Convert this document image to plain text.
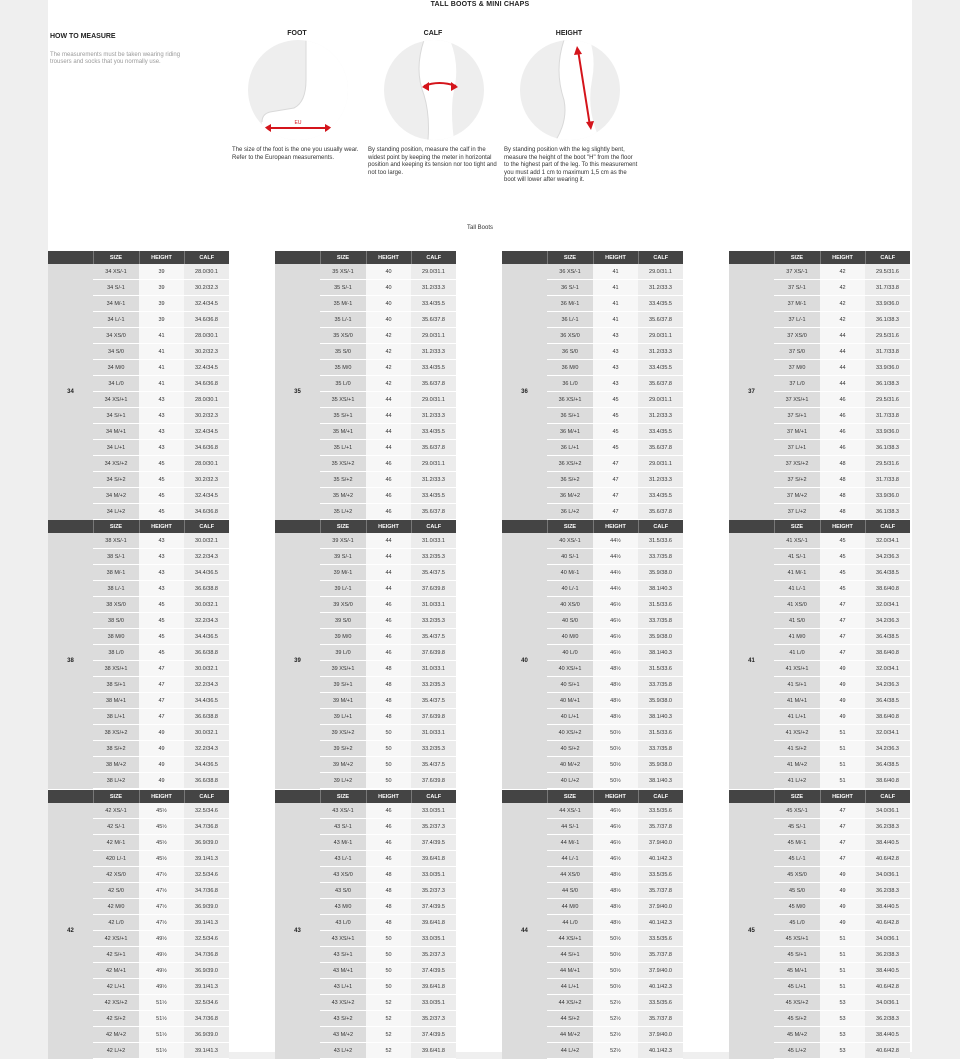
TALL BOOTS & MINI CHAPS
HOW TO MEASURE
The measurements must be taken wearing riding trousers and socks that you normally use.
FOOT
EU
The size of the foot is the one you usually wear. Refer to the European measurements.
CALF
By standing position, measure the calf in the widest point by keeping the meter in horizontal position and keeping its tension nor too tight and not too large.
HEIGHT
By standing position with the leg slightly bent, measure the height of the boot "H" from the floor to the highest part of the leg. To this measurement you must add 1 cm to maximum 1,5 cm as the boot will lower after wearing it.
Tall Boots
	SIZE	HEIGHT	CALF
34	34 XS/-1	39	28.0/30.1
	34 S/-1	39	30.2/32.3
	34 M/-1	39	32.4/34.5
	34 L/-1	39	34.6/36.8
	34 XS/0	41	28.0/30.1
	34 S/0	41	30.2/32.3
	34 M/0	41	32.4/34.5
	34 L/0	41	34.6/36.8
	34 XS/+1	43	28.0/30.1
	34 S/+1	43	30.2/32.3
	34 M/+1	43	32.4/34.5
	34 L/+1	43	34.6/36.8
	34 XS/+2	45	28.0/30.1
	34 S/+2	45	30.2/32.3
	34 M/+2	45	32.4/34.5
	34 L/+2	45	34.6/36.8
	SIZE	HEIGHT	CALF
35	35 XS/-1	40	29.0/31.1
	35 S/-1	40	31.2/33.3
	35 M/-1	40	33.4/35.5
	35 L/-1	40	35.6/37.8
	35 XS/0	42	29.0/31.1
	35 S/0	42	31.2/33.3
	35 M/0	42	33.4/35.5
	35 L/0	42	35.6/37.8
	35 XS/+1	44	29.0/31.1
	35 S/+1	44	31.2/33.3
	35 M/+1	44	33.4/35.5
	35 L/+1	44	35.6/37.8
	35 XS/+2	46	29.0/31.1
	35 S/+2	46	31.2/33.3
	35 M/+2	46	33.4/35.5
	35 L/+2	46	35.6/37.8
	SIZE	HEIGHT	CALF
36	36 XS/-1	41	29.0/31.1
	36 S/-1	41	31.2/33.3
	36 M/-1	41	33.4/35.5
	36 L/-1	41	35.6/37.8
	36 XS/0	43	29.0/31.1
	36 S/0	43	31.2/33.3
	36 M/0	43	33.4/35.5
	36 L/0	43	35.6/37.8
	36 XS/+1	45	29.0/31.1
	36 S/+1	45	31.2/33.3
	36 M/+1	45	33.4/35.5
	36 L/+1	45	35.6/37.8
	36 XS/+2	47	29.0/31.1
	36 S/+2	47	31.2/33.3
	36 M/+2	47	33.4/35.5
	36 L/+2	47	35.6/37.8
	SIZE	HEIGHT	CALF
37	37 XS/-1	42	29.5/31.6
	37 S/-1	42	31.7/33.8
	37 M/-1	42	33.9/36.0
	37 L/-1	42	36.1/38.3
	37 XS/0	44	29.5/31.6
	37 S/0	44	31.7/33.8
	37 M/0	44	33.9/36.0
	37 L/0	44	36.1/38.3
	37 XS/+1	46	29.5/31.6
	37 S/+1	46	31.7/33.8
	37 M/+1	46	33.9/36.0
	37 L/+1	46	36.1/38.3
	37 XS/+2	48	29.5/31.6
	37 S/+2	48	31.7/33.8
	37 M/+2	48	33.9/36.0
	37 L/+2	48	36.1/38.3
	SIZE	HEIGHT	CALF
38	38 XS/-1	43	30.0/32.1
	38 S/-1	43	32.2/34.3
	38 M/-1	43	34.4/36.5
	38 L/-1	43	36.6/38.8
	38 XS/0	45	30.0/32.1
	38 S/0	45	32.2/34.3
	38 M/0	45	34.4/36.5
	38 L/0	45	36.6/38.8
	38 XS/+1	47	30.0/32.1
	38 S/+1	47	32.2/34.3
	38 M/+1	47	34.4/36.5
	38 L/+1	47	36.6/38.8
	38 XS/+2	49	30.0/32.1
	38 S/+2	49	32.2/34.3
	38 M/+2	49	34.4/36.5
	38 L/+2	49	36.6/38.8
	SIZE	HEIGHT	CALF
39	39 XS/-1	44	31.0/33.1
	39 S/-1	44	33.2/35.3
	39 M/-1	44	35.4/37.5
	39 L/-1	44	37.6/39.8
	39 XS/0	46	31.0/33.1
	39 S/0	46	33.2/35.3
	39 M/0	46	35.4/37.5
	39 L/0	46	37.6/39.8
	39 XS/+1	48	31.0/33.1
	39 S/+1	48	33.2/35.3
	39 M/+1	48	35.4/37.5
	39 L/+1	48	37.6/39.8
	39 XS/+2	50	31.0/33.1
	39 S/+2	50	33.2/35.3
	39 M/+2	50	35.4/37.5
	39 L/+2	50	37.6/39.8
	SIZE	HEIGHT	CALF
40	40 XS/-1	44½	31.5/33.6
	40 S/-1	44½	33.7/35.8
	40 M/-1	44½	35.9/38.0
	40 L/-1	44½	38.1/40.3
	40 XS/0	46½	31.5/33.6
	40 S/0	46½	33.7/35.8
	40 M/0	46½	35.9/38.0
	40 L/0	46½	38.1/40.3
	40 XS/+1	48½	31.5/33.6
	40 S/+1	48½	33.7/35.8
	40 M/+1	48½	35.9/38.0
	40 L/+1	48½	38.1/40.3
	40 XS/+2	50½	31.5/33.6
	40 S/+2	50½	33.7/35.8
	40 M/+2	50½	35.9/38.0
	40 L/+2	50½	38.1/40.3
	SIZE	HEIGHT	CALF
41	41 XS/-1	45	32.0/34.1
	41 S/-1	45	34.2/36.3
	41 M/-1	45	36.4/38.5
	41 L/-1	45	38.6/40.8
	41 XS/0	47	32.0/34.1
	41 S/0	47	34.2/36.3
	41 M/0	47	36.4/38.5
	41 L/0	47	38.6/40.8
	41 XS/+1	49	32.0/34.1
	41 S/+1	49	34.2/36.3
	41 M/+1	49	36.4/38.5
	41 L/+1	49	38.6/40.8
	41 XS/+2	51	32.0/34.1
	41 S/+2	51	34.2/36.3
	41 M/+2	51	36.4/38.5
	41 L/+2	51	38.6/40.8
	SIZE	HEIGHT	CALF
42	42 XS/-1	45½	32.5/34.6
	42 S/-1	45½	34.7/36.8
	42 M/-1	45½	36.9/39.0
	420 L/-1	45½	39.1/41.3
	42 XS/0	47½	32.5/34.6
	42 S/0	47½	34.7/36.8
	42 M/0	47½	36.9/39.0
	42 L/0	47½	39.1/41.3
	42 XS/+1	49½	32.5/34.6
	42 S/+1	49½	34.7/36.8
	42 M/+1	49½	36.9/39.0
	42 L/+1	49½	39.1/41.3
	42 XS/+2	51½	32.5/34.6
	42 S/+2	51½	34.7/36.8
	42 M/+2	51½	36.9/39.0
	42 L/+2	51½	39.1/41.3
	SIZE	HEIGHT	CALF
43	43 XS/-1	46	33.0/35.1
	43 S/-1	46	35.2/37.3
	43 M/-1	46	37.4/39.5
	43 L/-1	46	39.6/41.8
	43 XS/0	48	33.0/35.1
	43 S/0	48	35.2/37.3
	43 M/0	48	37.4/39.5
	43 L/0	48	39.6/41.8
	43 XS/+1	50	33.0/35.1
	43 S/+1	50	35.2/37.3
	43 M/+1	50	37.4/39.5
	43 L/+1	50	39.6/41.8
	43 XS/+2	52	33.0/35.1
	43 S/+2	52	35.2/37.3
	43 M/+2	52	37.4/39.5
	43 L/+2	52	39.6/41.8
	SIZE	HEIGHT	CALF
44	44 XS/-1	46½	33.5/35.6
	44 S/-1	46½	35.7/37.8
	44 M/-1	46½	37.9/40.0
	44 L/-1	46½	40.1/42.3
	44 XS/0	48½	33.5/35.6
	44 S/0	48½	35.7/37.8
	44 M/0	48½	37.9/40.0
	44 L/0	48½	40.1/42.3
	44 XS/+1	50½	33.5/35.6
	44 S/+1	50½	35.7/37.8
	44 M/+1	50½	37.9/40.0
	44 L/+1	50½	40.1/42.3
	44 XS/+2	52½	33.5/35.6
	44 S/+2	52½	35.7/37.8
	44 M/+2	52½	37.9/40.0
	44 L/+2	52½	40.1/42.3
	SIZE	HEIGHT	CALF
45	45 XS/-1	47	34.0/36.1
	45 S/-1	47	36.2/38.3
	45 M/-1	47	38.4/40.5
	45 L/-1	47	40.6/42.8
	45 XS/0	49	34.0/36.1
	45 S/0	49	36.2/38.3
	45 M/0	49	38.4/40.5
	45 L/0	49	40.6/42.8
	45 XS/+1	51	34.0/36.1
	45 S/+1	51	36.2/38.3
	45 M/+1	51	38.4/40.5
	45 L/+1	51	40.6/42.8
	45 XS/+2	53	34.0/36.1
	45 S/+2	53	36.2/38.3
	45 M/+2	53	38.4/40.5
	45 L/+2	53	40.6/42.8
